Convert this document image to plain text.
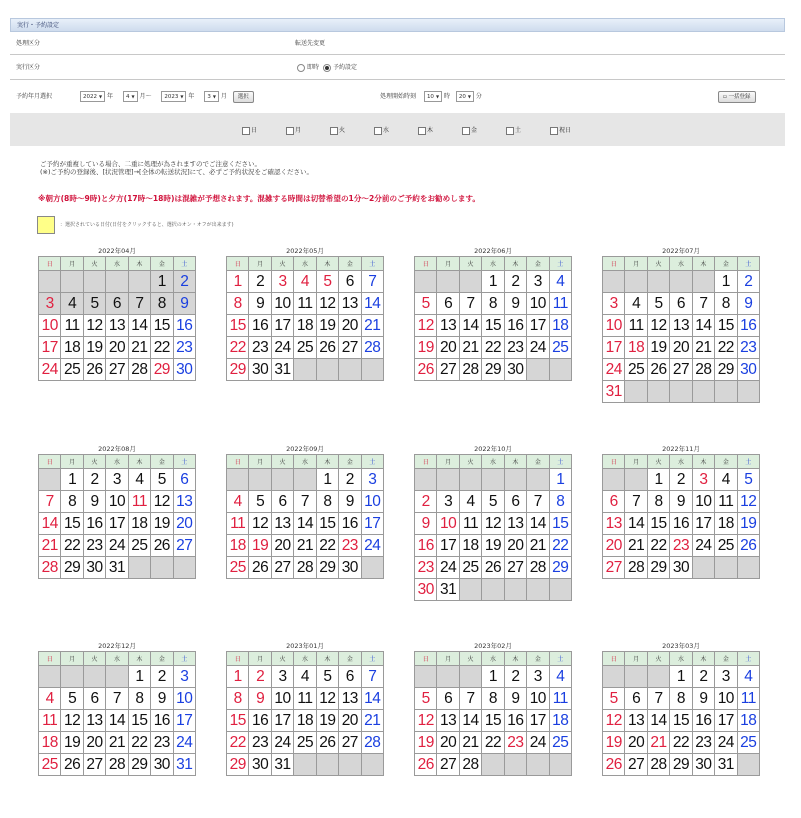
実行・予約設定
処理区分	転送先変更
実行区分	即時 予約設定
予約年月選択	2022 ▼ 年 4 ▼ 月～ 2023 ▼ 年 3 ▼ 月 選択	処理開始時刻 10 ▼ 時 20 ▼ 分	▫ 一括登録
日	月	火	水	木	金	土	祝日
ご予約が重複している場合、二重に処理が為されますのでご注意ください。
(※)ご予約の登録後、[状況管理]→[全体の転送状況]にて、必ずご予約状況をご確認ください。
※朝方(8時～9時)と夕方(17時～18時)は混雑が予想されます。混雑する時間は切替希望の1分～2分前のご予約をお勧めします。
：選択されている日付(日付をクリックすると、選択のオン・オフが出来ます)
2022年04月
日	月	火	水	木	金	土
					1	2
3	4	5	6	7	8	9
10	11	12	13	14	15	16
17	18	19	20	21	22	23
24	25	26	27	28	29	30
2022年05月
日	月	火	水	木	金	土
1	2	3	4	5	6	7
8	9	10	11	12	13	14
15	16	17	18	19	20	21
22	23	24	25	26	27	28
29	30	31				
2022年06月
日	月	火	水	木	金	土
			1	2	3	4
5	6	7	8	9	10	11
12	13	14	15	16	17	18
19	20	21	22	23	24	25
26	27	28	29	30		
2022年07月
日	月	火	水	木	金	土
					1	2
3	4	5	6	7	8	9
10	11	12	13	14	15	16
17	18	19	20	21	22	23
24	25	26	27	28	29	30
31						
2022年08月
日	月	火	水	木	金	土
	1	2	3	4	5	6
7	8	9	10	11	12	13
14	15	16	17	18	19	20
21	22	23	24	25	26	27
28	29	30	31			
2022年09月
日	月	火	水	木	金	土
				1	2	3
4	5	6	7	8	9	10
11	12	13	14	15	16	17
18	19	20	21	22	23	24
25	26	27	28	29	30	
2022年10月
日	月	火	水	木	金	土
						1
2	3	4	5	6	7	8
9	10	11	12	13	14	15
16	17	18	19	20	21	22
23	24	25	26	27	28	29
30	31					
2022年11月
日	月	火	水	木	金	土
		1	2	3	4	5
6	7	8	9	10	11	12
13	14	15	16	17	18	19
20	21	22	23	24	25	26
27	28	29	30			
2022年12月
日	月	火	水	木	金	土
				1	2	3
4	5	6	7	8	9	10
11	12	13	14	15	16	17
18	19	20	21	22	23	24
25	26	27	28	29	30	31
2023年01月
日	月	火	水	木	金	土
1	2	3	4	5	6	7
8	9	10	11	12	13	14
15	16	17	18	19	20	21
22	23	24	25	26	27	28
29	30	31				
2023年02月
日	月	火	水	木	金	土
			1	2	3	4
5	6	7	8	9	10	11
12	13	14	15	16	17	18
19	20	21	22	23	24	25
26	27	28				
2023年03月
日	月	火	水	木	金	土
			1	2	3	4
5	6	7	8	9	10	11
12	13	14	15	16	17	18
19	20	21	22	23	24	25
26	27	28	29	30	31	
